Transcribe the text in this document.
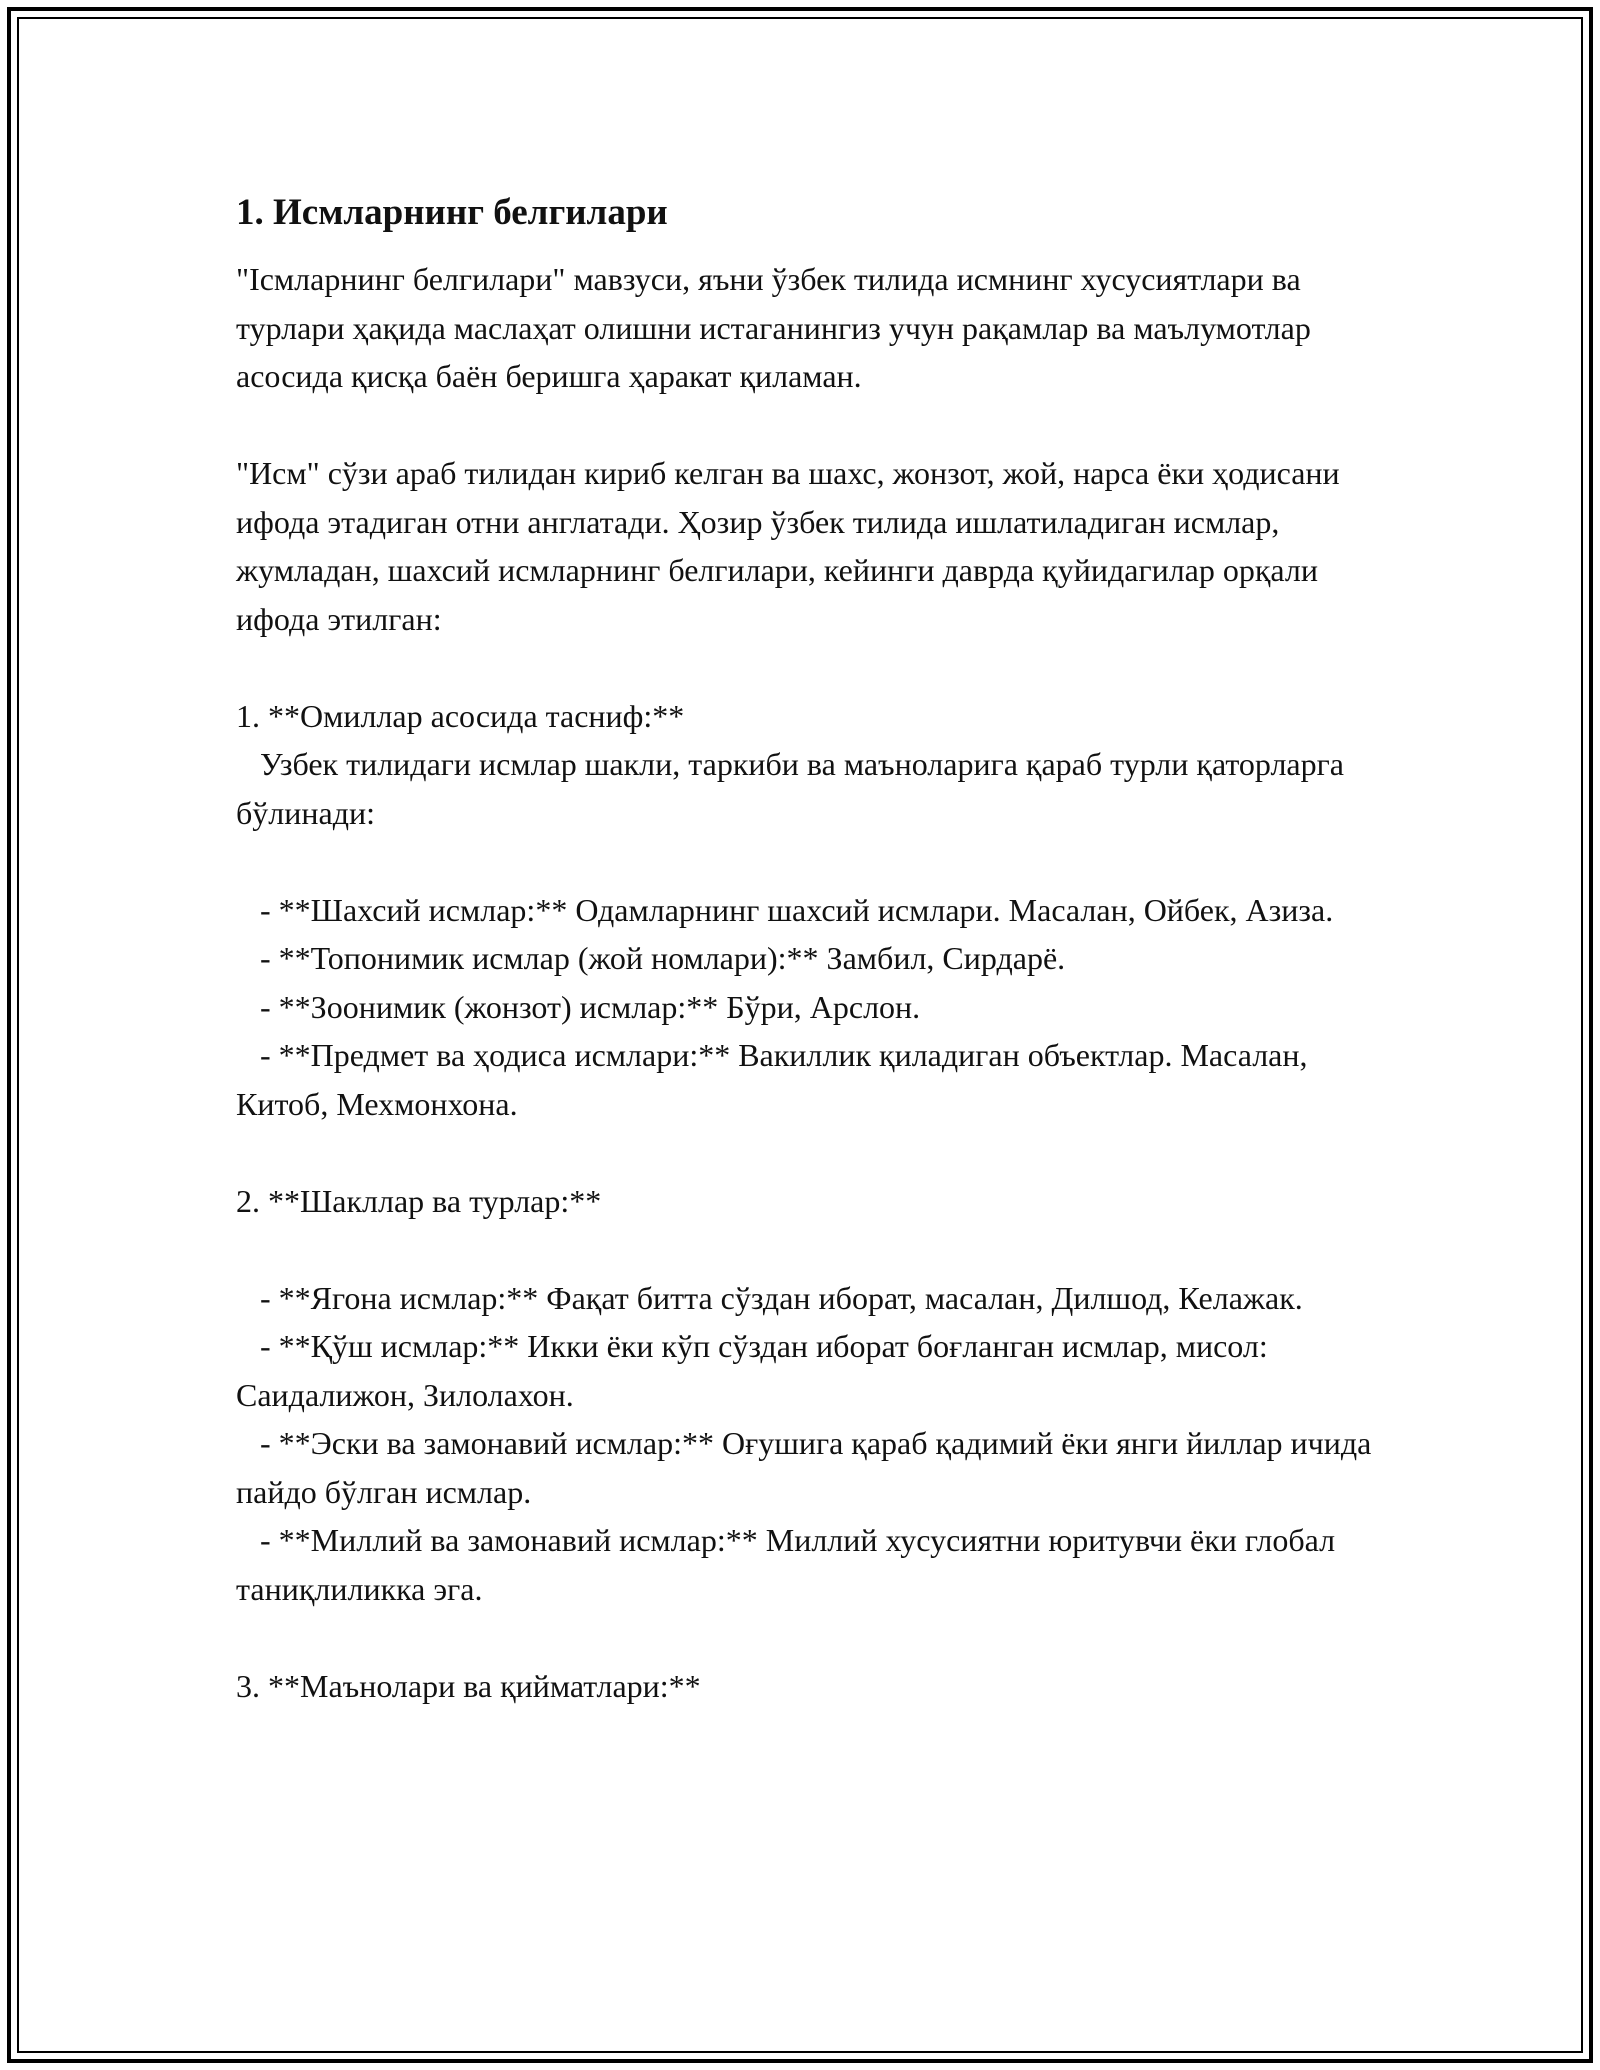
1. Исмларнинг белгилари

"Ісмларнинг белгилари" мавзуси, яъни ўзбек тилида исмнинг хусусиятлари ва турлари ҳақида маслаҳат олишни истаганингиз учун рақамлар ва маълумотлар асосида қисқа баён беришга ҳаракат қиламан.

"Исм" сўзи араб тилидан кириб келган ва шахс, жонзот, жой, нарса ёки ҳодисани ифода этадиган отни англатади. Ҳозир ўзбек тилида ишлатиладиган исмлар, жумладан, шахсий исмларнинг белгилари, кейинги даврда қуйидагилар орқали ифода этилган:

1. **Омиллар асосида тасниф:**

Узбек тилидаги исмлар шакли, таркиби ва маъноларига қараб турли қаторларга бўлинади:

- **Шахсий исмлар:** Одамларнинг шахсий исмлари. Масалан, Ойбек, Азиза.

- **Топонимик исмлар (жой номлари):** Замбил, Сирдарё.

- **Зоонимик (жонзот) исмлар:** Бўри, Арслон.

- **Предмет ва ҳодиса исмлари:** Вакиллик қиладиган объектлар. Масалан, Китоб, Мехмонхона.

2. **Шакллар ва турлар:**

- **Ягона исмлар:** Фақат битта сўздан иборат, масалан, Дилшод, Келажак.

- **Қўш исмлар:** Икки ёки кўп сўздан иборат боғланган исмлар, мисол: Саидалижон, Зилолахон.

- **Эски ва замонавий исмлар:** Оғушига қараб қадимий ёки янги йиллар ичида пайдо бўлган исмлар.

- **Миллий ва замонавий исмлар:** Миллий хусусиятни юритувчи ёки глобал таниқлиликка эга.

3. **Маънолари ва қийматлари:**
